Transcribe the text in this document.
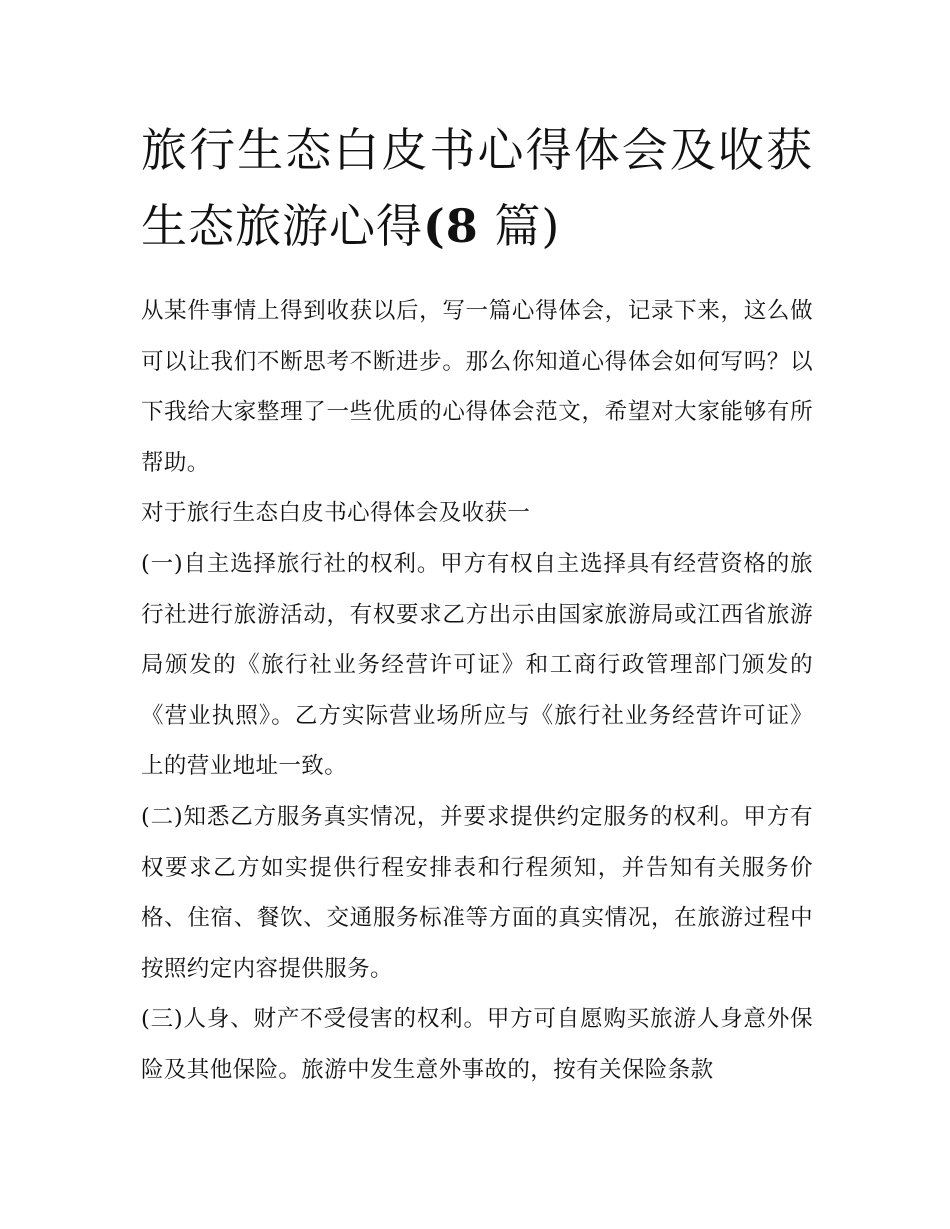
旅行生态白皮书心得体会及收获 生态旅游心得(8 篇)

从某件事情上得到收获以后，写一篇心得体会，记录下来，这么做可以让我们不断思考不断进步。那么你知道心得体会如何写吗？以下我给大家整理了一些优质的心得体会范文，希望对大家能够有所帮助。

对于旅行生态白皮书心得体会及收获一

(一)自主选择旅行社的权利。甲方有权自主选择具有经营资格的旅行社进行旅游活动，有权要求乙方出示由国家旅游局或江西省旅游局颁发的《旅行社业务经营许可证》和工商行政管理部门颁发的《营业执照》。乙方实际营业场所应与《旅行社业务经营许可证》上的营业地址一致。

(二)知悉乙方服务真实情况，并要求提供约定服务的权利。甲方有权要求乙方如实提供行程安排表和行程须知，并告知有关服务价格、住宿、餐饮、交通服务标准等方面的真实情况，在旅游过程中按照约定内容提供服务。

(三)人身、财产不受侵害的权利。甲方可自愿购买旅游人身意外保险及其他保险。旅游中发生意外事故的，按有关保险条款
